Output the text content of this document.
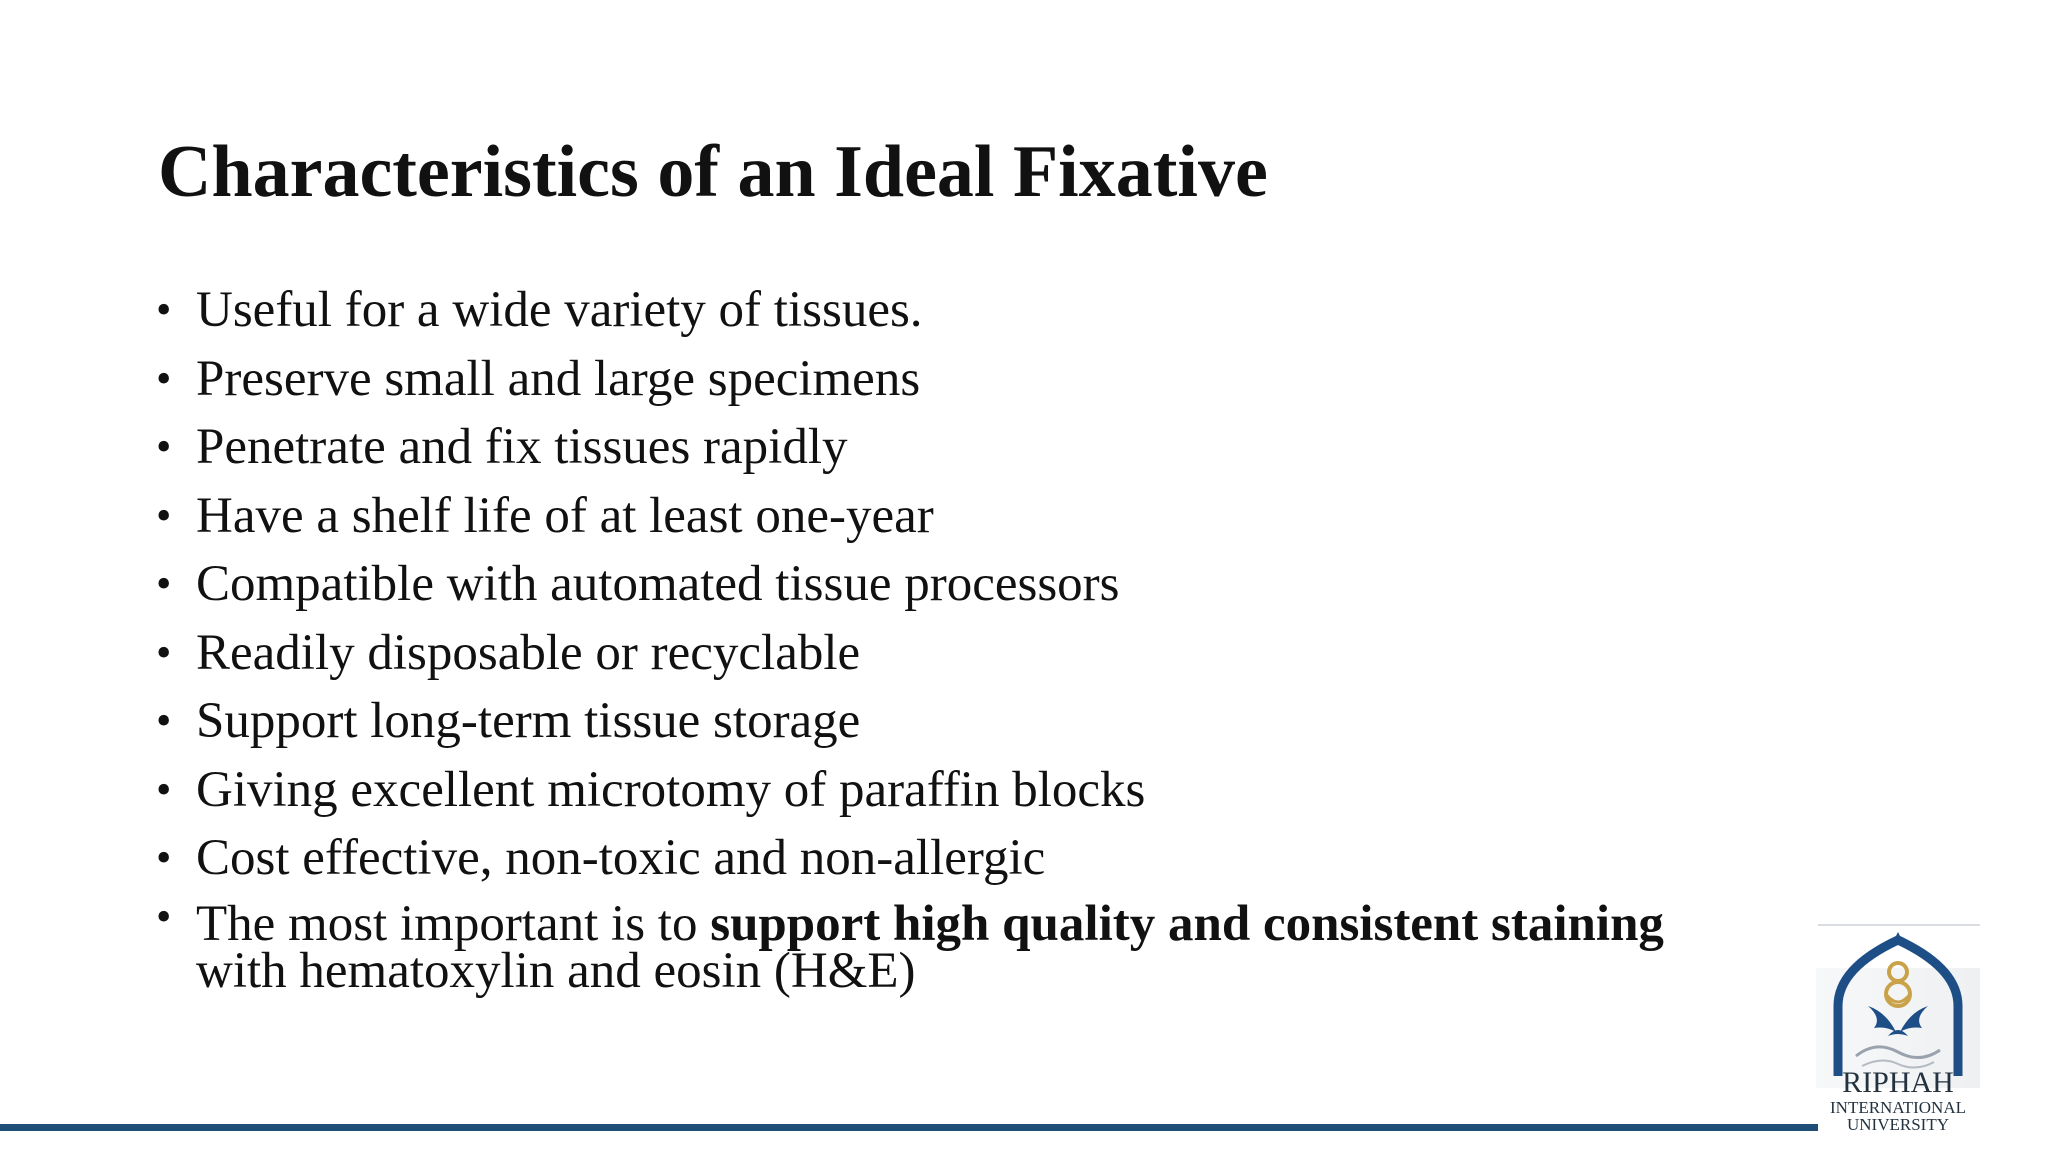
Characteristics of an Ideal Fixative
• Useful for a wide variety of tissues.
• Preserve small and large specimens
• Penetrate and fix tissues rapidly
• Have a shelf life of at least one-year
• Compatible with automated tissue processors
• Readily disposable or recyclable
• Support long-term tissue storage
• Giving excellent microtomy of paraffin blocks
• Cost effective, non-toxic and non-allergic
• The most important is to support high quality and consistent staining
with hematoxylin and eosin (H&E)
RIPHAH
INTERNATIONAL
UNIVERSITY
